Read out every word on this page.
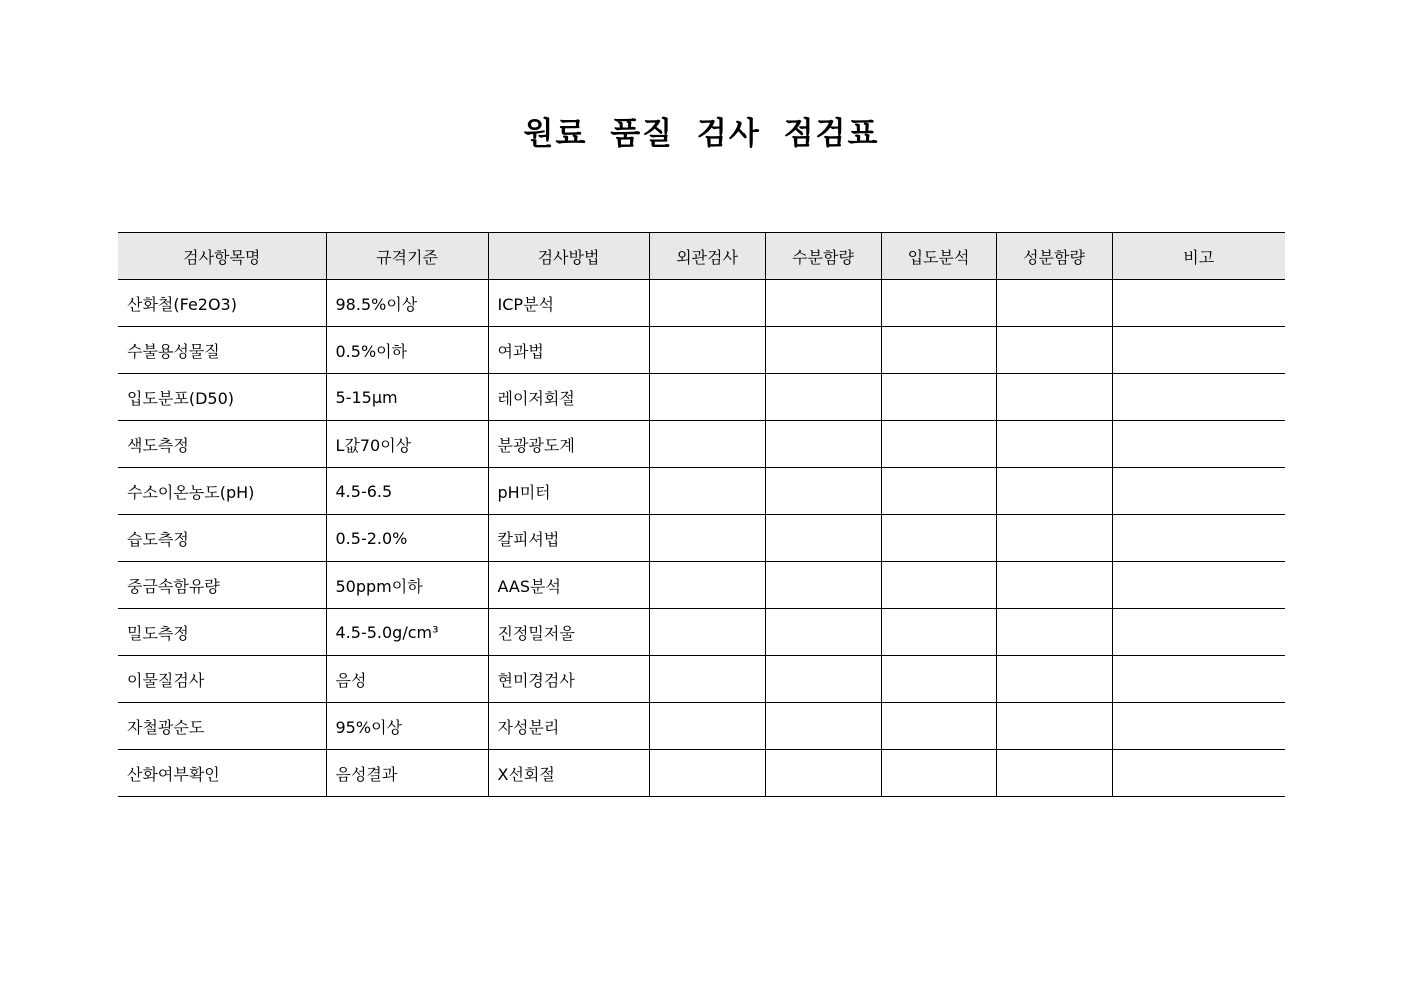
원료 품질 검사 점검표
검사항목명	규격기준	검사방법	외관검사	수분함량	입도분석	성분함량	비고
산화철(Fe2O3)	98.5%이상	ICP분석					
수불용성물질	0.5%이하	여과법					
입도분포(D50)	5-15μm	레이저회절					
색도측정	L값70이상	분광광도계					
수소이온농도(pH)	4.5-6.5	pH미터					
습도측정	0.5-2.0%	칼피셔법					
중금속함유량	50ppm이하	AAS분석					
밀도측정	4.5-5.0g/cm³	진정밀저울					
이물질검사	음성	현미경검사					
자철광순도	95%이상	자성분리					
산화여부확인	음성결과	X선회절					
